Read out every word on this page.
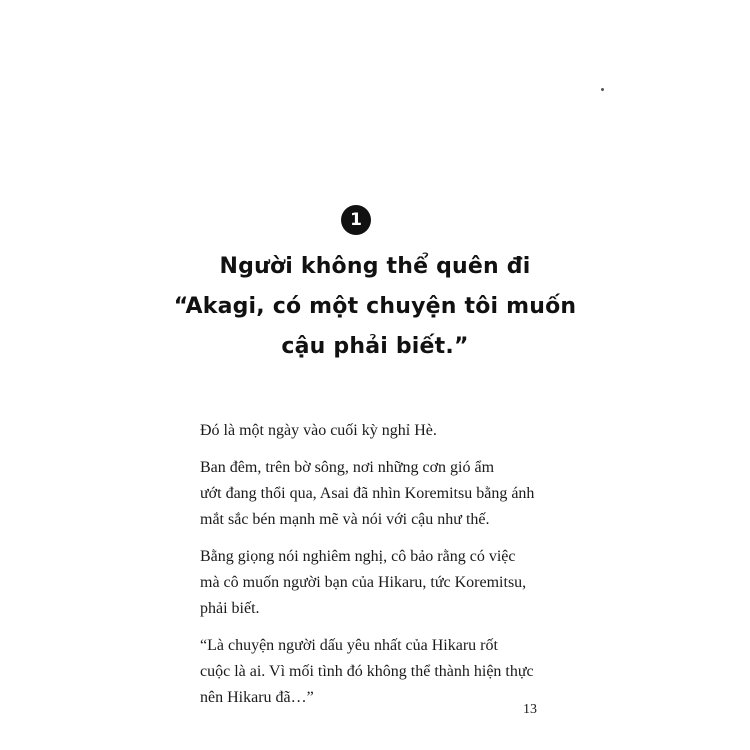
1
Người không thể quên đi
“Akagi, có một chuyện tôi muốn
cậu phải biết.”

Đó là một ngày vào cuối kỳ nghỉ Hè.

Ban đêm, trên bờ sông, nơi những cơn gió ẩm
ướt đang thổi qua, Asai đã nhìn Koremitsu bằng ánh
mắt sắc bén mạnh mẽ và nói với cậu như thế.

Bằng giọng nói nghiêm nghị, cô bảo rằng có việc
mà cô muốn người bạn của Hikaru, tức Koremitsu,
phải biết.

“Là chuyện người dấu yêu nhất của Hikaru rốt
cuộc là ai. Vì mối tình đó không thể thành hiện thực
nên Hikaru đã…”

13
